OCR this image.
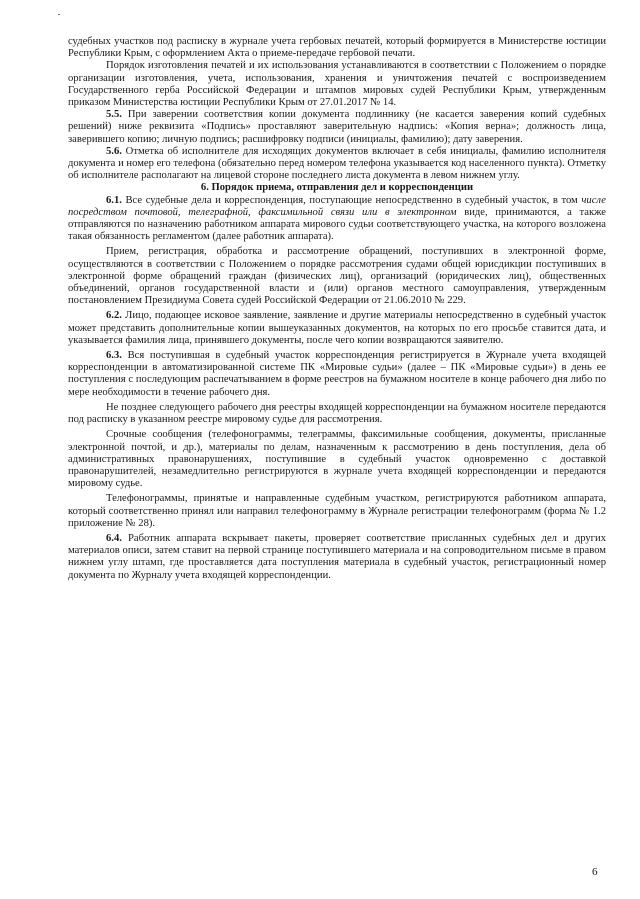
судебных участков под расписку в журнале учета гербовых печатей, который формируется в Министерстве юстиции Республики Крым, с оформлением Акта о приеме-передаче гербовой печати.

Порядок изготовления печатей и их использования устанавливаются в соответствии с Положением о порядке организации изготовления, учета, использования, хранения и уничтожения печатей с воспроизведением Государственного герба Российской Федерации и штампов мировых судей Республики Крым, утвержденным приказом Министерства юстиции Республики Крым от 27.01.2017 № 14.

5.5. При заверении соответствия копии документа подлиннику (не касается заверения копий судебных решений) ниже реквизита «Подпись» проставляют заверительную надпись: «Копия верна»; должность лица, заверившего копию; личную подпись; расшифровку подписи (инициалы, фамилию); дату заверения.

5.6. Отметка об исполнителе для исходящих документов включает в себя инициалы, фамилию исполнителя документа и номер его телефона (обязательно перед номером телефона указывается код населенного пункта). Отметку об исполнителе располагают на лицевой стороне последнего листа документа в левом нижнем углу.

6. Порядок приема, отправления дел и корреспонденции

6.1. Все судебные дела и корреспонденция, поступающие непосредственно в судебный участок, в том числе посредством почтовой, телеграфной, факсимильной связи или в электронном виде, принимаются, а также отправляются по назначению работником аппарата мирового судьи соответствующего участка, на которого возложена такая обязанность регламентом (далее работник аппарата).

Прием, регистрация, обработка и рассмотрение обращений, поступивших в электронной форме, осуществляются в соответствии с Положением о порядке рассмотрения судами общей юрисдикции поступивших в электронной форме обращений граждан (физических лиц), организаций (юридических лиц), общественных объединений, органов государственной власти и (или) органов местного самоуправления, утвержденным постановлением Президиума Совета судей Российской Федерации от 21.06.2010 № 229.

6.2. Лицо, подающее исковое заявление, заявление и другие материалы непосредственно в судебный участок может представить дополнительные копии вышеуказанных документов, на которых по его просьбе ставится дата, и указывается фамилия лица, принявшего документы, после чего копии возвращаются заявителю.

6.3. Вся поступившая в судебный участок корреспонденция регистрируется в Журнале учета входящей корреспонденции в автоматизированной системе ПК «Мировые судьи» (далее – ПК «Мировые судьи») в день ее поступления с последующим распечатыванием в форме реестров на бумажном носителе в конце рабочего дня либо по мере необходимости в течение рабочего дня.

Не позднее следующего рабочего дня реестры входящей корреспонденции на бумажном носителе передаются под расписку в указанном реестре мировому судье для рассмотрения.

Срочные сообщения (телефонограммы, телеграммы, факсимильные сообщения, документы, присланные электронной почтой, и др.), материалы по делам, назначенным к рассмотрению в день поступления, дела об административных правонарушениях, поступившие в судебный участок одновременно с доставкой правонарушителей, незамедлительно регистрируются в журнале учета входящей корреспонденции и передаются мировому судье.

Телефонограммы, принятые и направленные судебным участком, регистрируются работником аппарата, который соответственно принял или направил телефонограмму в Журнале регистрации телефонограмм (форма № 1.2 приложение № 28).

6.4. Работник аппарата вскрывает пакеты, проверяет соответствие присланных судебных дел и других материалов описи, затем ставит на первой странице поступившего материала и на сопроводительном письме в правом нижнем углу штамп, где проставляется дата поступления материала в судебный участок, регистрационный номер документа по Журналу учета входящей корреспонденции.

6
